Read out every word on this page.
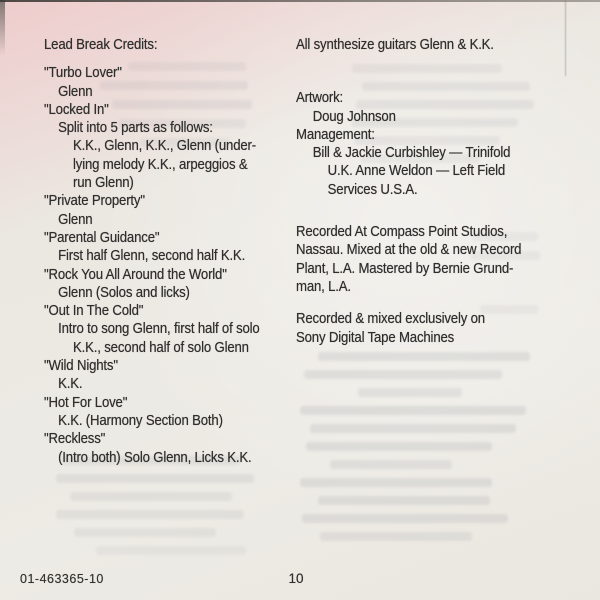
Lead Break Credits:
"Turbo Lover"
Glenn
"Locked In"
Split into 5 parts as follows:
K.K., Glenn, K.K., Glenn (under-
lying melody K.K., arpeggios &
run Glenn)
"Private Property"
Glenn
"Parental Guidance"
First half Glenn, second half K.K.
"Rock You All Around the World"
Glenn (Solos and licks)
"Out In The Cold"
Intro to song Glenn, first half of solo
K.K., second half of solo Glenn
"Wild Nights"
K.K.
"Hot For Love"
K.K. (Harmony Section Both)
"Reckless"
(Intro both) Solo Glenn, Licks K.K.
All synthesize guitars Glenn & K.K.
Artwork:
Doug Johnson
Management:
Bill & Jackie Curbishley — Trinifold
U.K. Anne Weldon — Left Field
Services U.S.A.
Recorded At Compass Point Studios,
Nassau. Mixed at the old & new Record
Plant, L.A. Mastered by Bernie Grund-
man, L.A.
Recorded & mixed exclusively on
Sony Digital Tape Machines
01-463365-10	10
